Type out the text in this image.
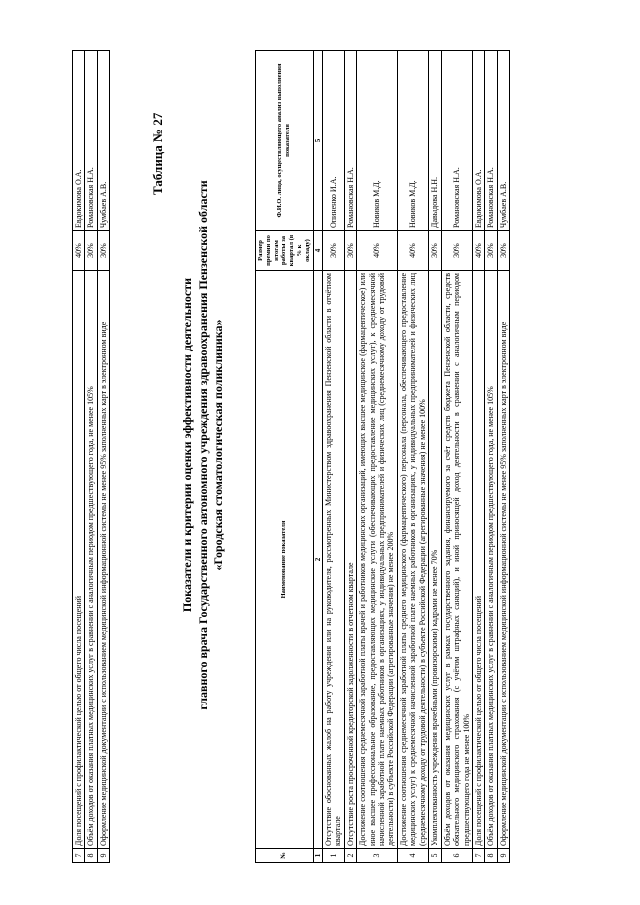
7	Доля посещений с профилактической целью от общего числа посещений	40%	Евдокимова О.А.
8	Объём доходов от оказания платных медицинских услуг в сравнении с аналогичным периодом предшествующего года, не менее 105%	30%	Романовская Н.А.
9	Оформление медицинской документации с использованием медицинской информационной системы не менее 95% заполненных карт в электронном виде	30%	Чумбаев А.В.
Таблица № 27
Показатели и критерии оценки эффективности деятельности главного врача Государственного автономного учреждения здравоохранения Пензенской области «Городская стоматологическая поликлиника»
№	Наименование показателя	Размер премии по итогам работы за квартал (в % к окладу)	Ф.И.О. лица, осуществляющего анализ выполнения показателя
1	2	4	5
1	Отсутствие обоснованных жалоб на работу учреждения или на руководителя, рассмотренных Министерством здравоохранения Пензенской области в отчётном квартале	30%	Опиненко И.А.
2	Отсутствие роста просроченной кредиторской задолженности в отчетном квартале	30%	Романовская Н.А.
3	Достижение соотношения среднемесячной заработной платы врачей и работников медицинских организаций, имеющих высшее медицинское (фармацевтическое) или иное высшее профессиональное образование, предоставляющих медицинские услуги (обеспечивающих предоставление медицинских услуг), к среднемесячной начисленной заработной плате наемных работников в организациях, у индивидуальных предпринимателей и физических лиц (среднемесячному доходу от трудовой деятельности) в субъекте Российской Федерации (агрегированные значения) не менее 200%	40%	Новиков М.Д.
4	Достижение соотношения среднемесячной заработной платы среднего медицинского (фармацевтического) персонала (персонала, обеспечивающего предоставление медицинских услуг) к среднемесячной начисленной заработной плате наемных работников в организациях, у индивидуальных предпринимателей и физических лиц (среднемесячному доходу от трудовой деятельности) в субъекте Российской Федерации (агрегированные значения) не менее 100%	40%	Новиков М.Д.
5	Укомплектованность учреждения врачебными (провизорскими) кадрами не менее 70%	30%	Давыдова Н.Н.
6	Объём доходов от оказания медицинских услуг в рамках государственного задания, финансируемого за счёт средств бюджета Пензенской области, средств обязательного медицинского страхования (с учётом штрафных санкций), и иной приносящей доход деятельности в сравнении с аналогичным периодом предшествующего года не менее 100%	30%	Романовская Н.А.
7	Доля посещений с профилактической целью от общего числа посещений	40%	Евдокимова О.А.
8	Объём доходов от оказания платных медицинских услуг в сравнении с аналогичным периодом предшествующего года, не менее 105%	30%	Романовская Н.А.
9	Оформление медицинской документации с использованием медицинской информационной системы не менее 95% заполненных карт в электронном виде	30%	Чумбаев А.В.
